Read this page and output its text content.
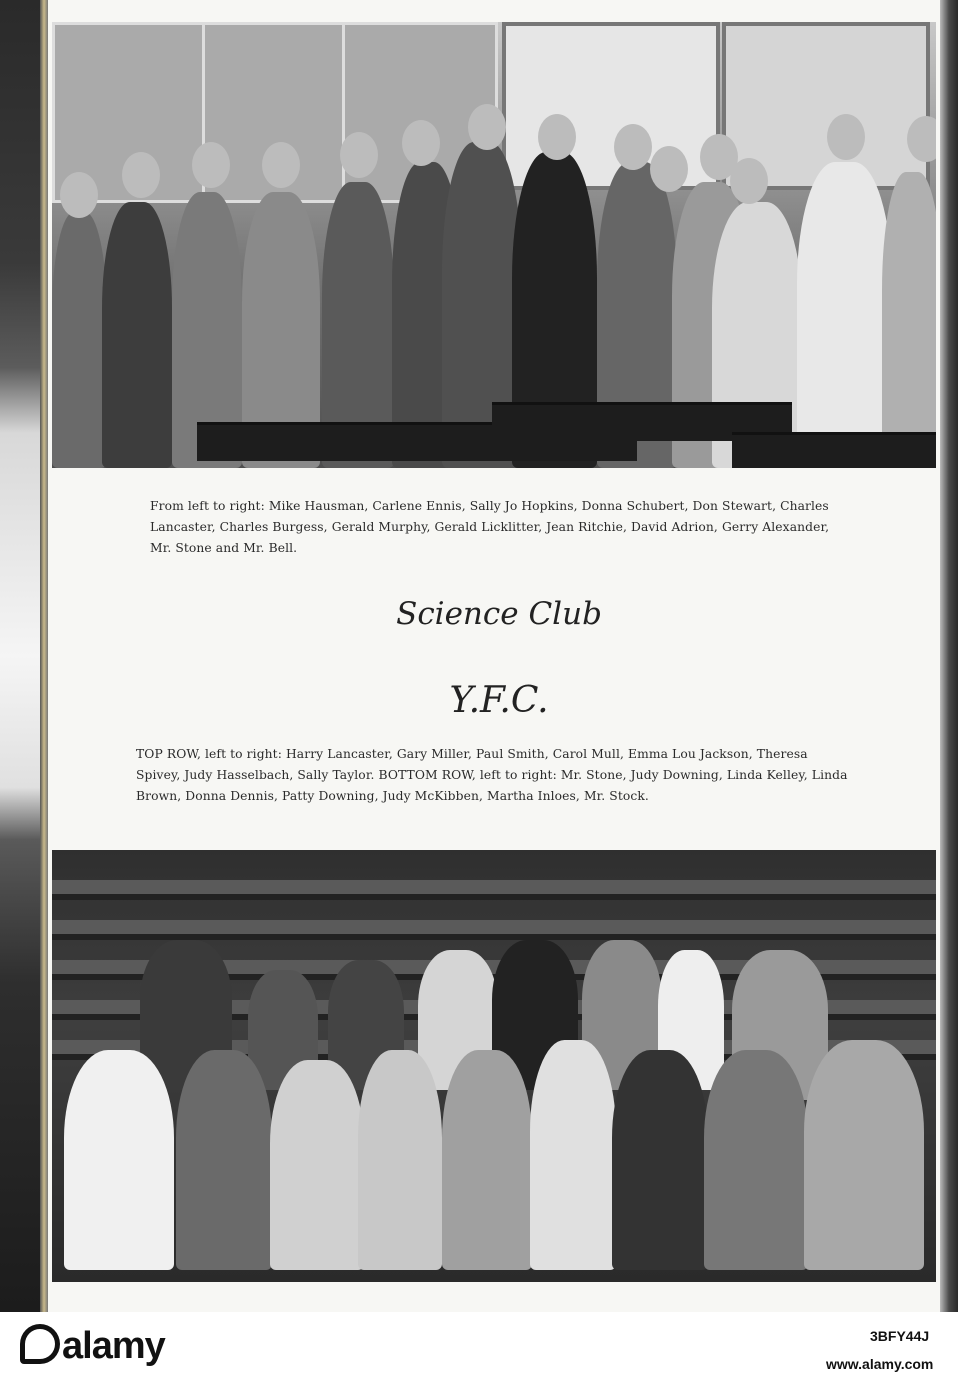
From left to right: Mike Hausman, Carlene Ennis, Sally Jo Hopkins, Donna Schubert, Don Stewart, Charles Lancaster, Charles Burgess, Gerald Murphy, Gerald Licklitter, Jean Ritchie, David Adrion, Gerry Alexander, Mr. Stone and Mr. Bell.
Science Club
Y.F.C.
TOP ROW, left to right: Harry Lancaster, Gary Miller, Paul Smith, Carol Mull, Emma Lou Jackson, Theresa Spivey, Judy Hasselbach, Sally Taylor. BOTTOM ROW, left to right: Mr. Stone, Judy Downing, Linda Kelley, Linda Brown, Donna Dennis, Patty Downing, Judy McKibben, Martha Inloes, Mr. Stock.
alamy	3BFY44J
www.alamy.com
